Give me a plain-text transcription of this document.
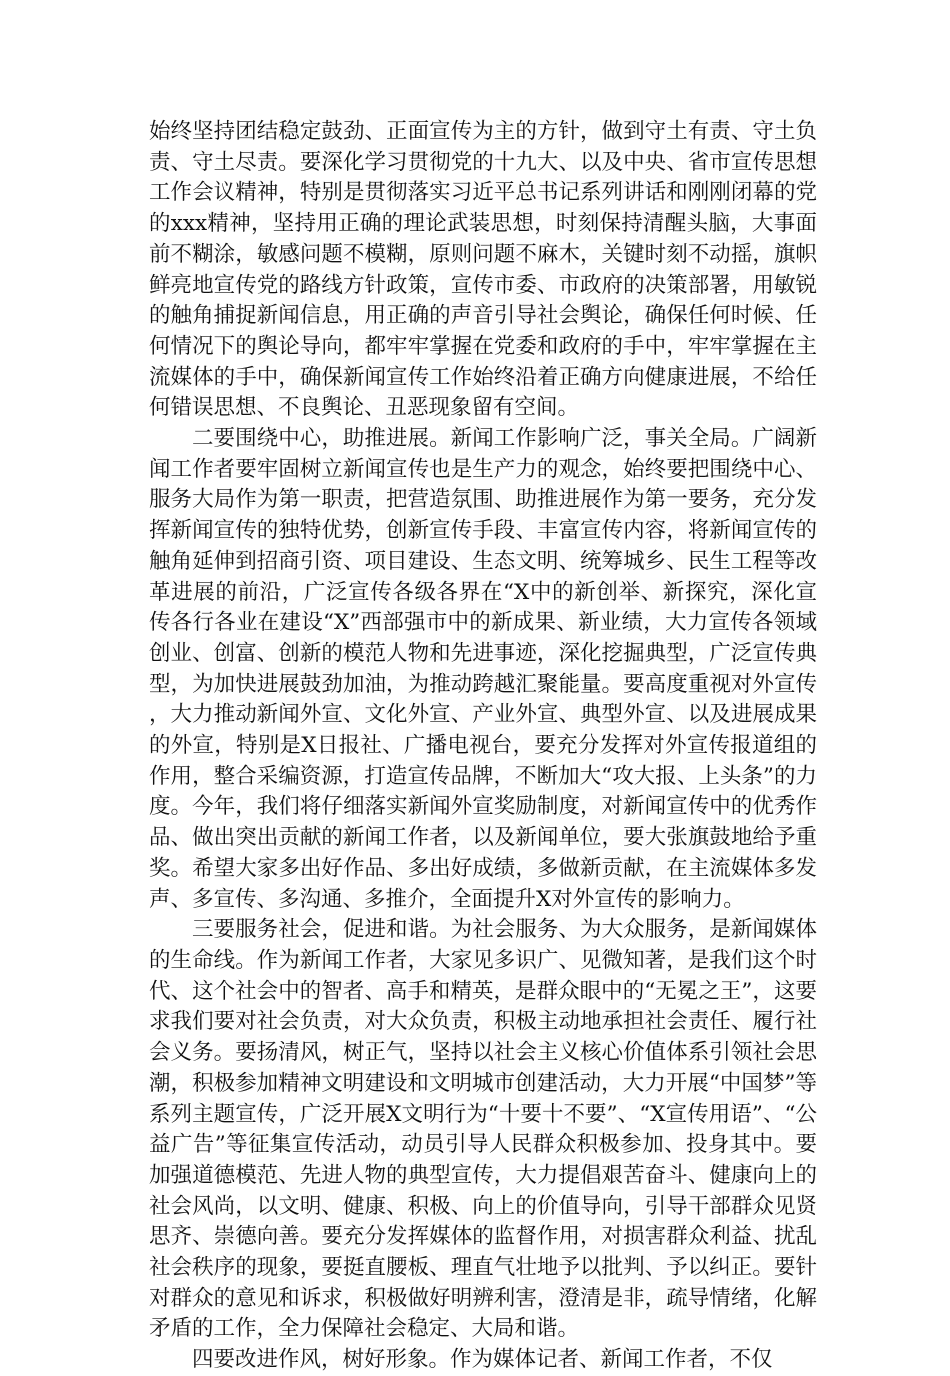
始终坚持团结稳定鼓劲、正面宣传为主的方针，做到守土有责、守土负责、守土尽责。要深化学习贯彻党的十九大、以及中央、省市宣传思想工作会议精神，特别是贯彻落实习近平总书记系列讲话和刚刚闭幕的党的xxx精神，坚持用正确的理论武装思想，时刻保持清醒头脑，大事面前不糊涂，敏感问题不模糊，原则问题不麻木，关键时刻不动摇，旗帜鲜亮地宣传党的路线方针政策，宣传市委、市政府的决策部署，用敏锐的触角捕捉新闻信息，用正确的声音引导社会舆论，确保任何时候、任何情况下的舆论导向，都牢牢掌握在党委和政府的手中，牢牢掌握在主流媒体的手中，确保新闻宣传工作始终沿着正确方向健康进展，不给任何错误思想、不良舆论、丑恶现象留有空间。

二要围绕中心，助推进展。新闻工作影响广泛，事关全局。广阔新闻工作者要牢固树立新闻宣传也是生产力的观念，始终要把围绕中心、服务大局作为第一职责，把营造氛围、助推进展作为第一要务，充分发挥新闻宣传的独特优势，创新宣传手段、丰富宣传内容，将新闻宣传的触角延伸到招商引资、项目建设、生态文明、统筹城乡、民生工程等改革进展的前沿，广泛宣传各级各界在“X中的新创举、新探究，深化宣传各行各业在建设“X”西部强市中的新成果、新业绩，大力宣传各领域创业、创富、创新的模范人物和先进事迹，深化挖掘典型，广泛宣传典型，为加快进展鼓劲加油，为推动跨越汇聚能量。要高度重视对外宣传，大力推动新闻外宣、文化外宣、产业外宣、典型外宣、以及进展成果的外宣，特别是X日报社、广播电视台，要充分发挥对外宣传报道组的作用，整合采编资源，打造宣传品牌，不断加大“攻大报、上头条”的力度。今年，我们将仔细落实新闻外宣奖励制度，对新闻宣传中的优秀作品、做出突出贡献的新闻工作者，以及新闻单位，要大张旗鼓地给予重奖。希望大家多出好作品、多出好成绩，多做新贡献，在主流媒体多发声、多宣传、多沟通、多推介，全面提升X对外宣传的影响力。

三要服务社会，促进和谐。为社会服务、为大众服务，是新闻媒体的生命线。作为新闻工作者，大家见多识广、见微知著，是我们这个时代、这个社会中的智者、高手和精英，是群众眼中的“无冕之王”，这要求我们要对社会负责，对大众负责，积极主动地承担社会责任、履行社会义务。要扬清风，树正气，坚持以社会主义核心价值体系引领社会思潮，积极参加精神文明建设和文明城市创建活动，大力开展“中国梦”等系列主题宣传，广泛开展X文明行为“十要十不要”、“X宣传用语”、“公益广告”等征集宣传活动，动员引导人民群众积极参加、投身其中。要加强道德模范、先进人物的典型宣传，大力提倡艰苦奋斗、健康向上的社会风尚，以文明、健康、积极、向上的价值导向，引导干部群众见贤思齐、崇德向善。要充分发挥媒体的监督作用，对损害群众利益、扰乱社会秩序的现象，要挺直腰板、理直气壮地予以批判、予以纠正。要针对群众的意见和诉求，积极做好明辨利害，澄清是非，疏导情绪，化解矛盾的工作，全力保障社会稳定、大局和谐。

四要改进作风，树好形象。作为媒体记者、新闻工作者，不仅
